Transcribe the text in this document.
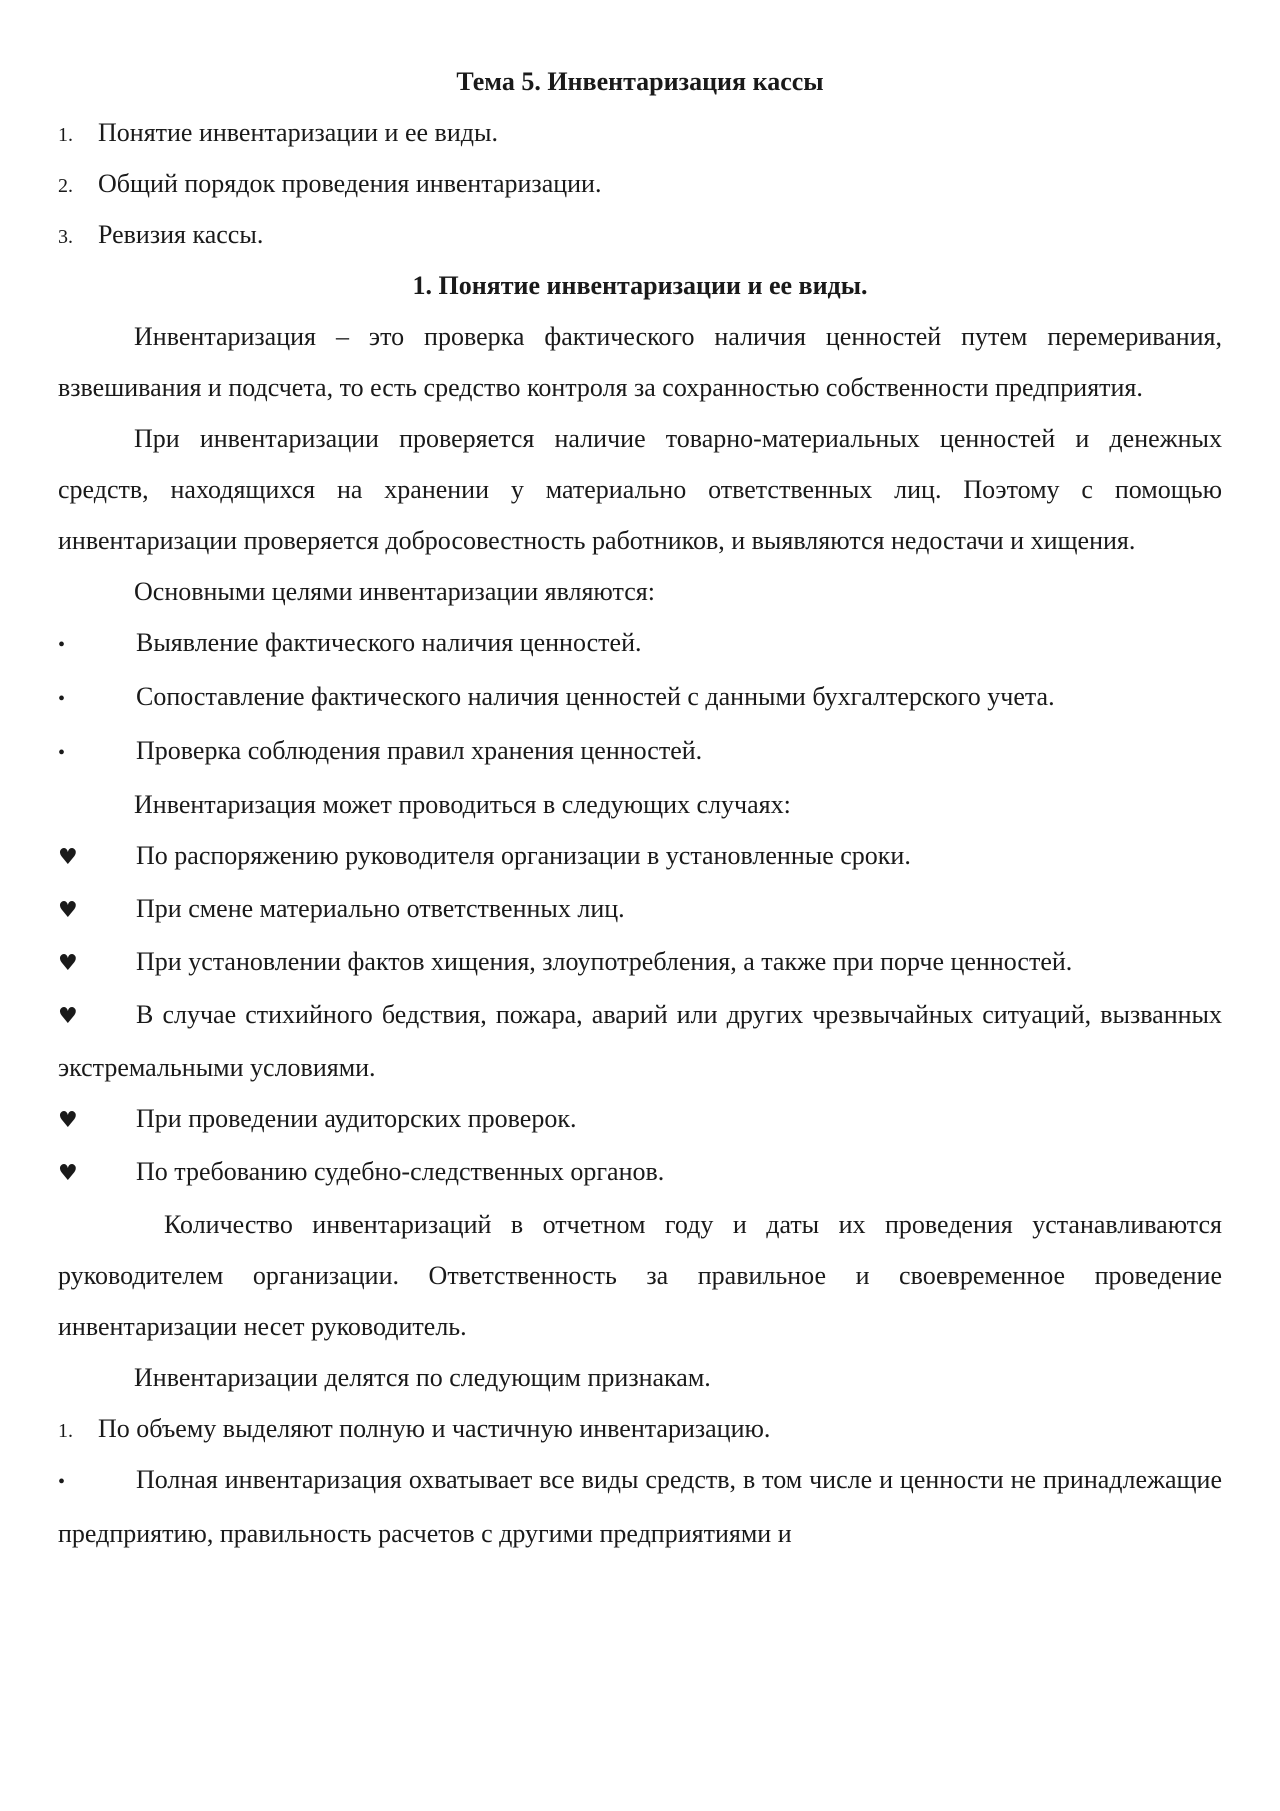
Тема 5. Инвентаризация кассы
1. Понятие инвентаризации и ее виды.
2. Общий порядок проведения инвентаризации.
3. Ревизия кассы.
1. Понятие инвентаризации и ее виды.

Инвентаризация – это проверка фактического наличия ценностей путем перемеривания, взвешивания и подсчета, то есть средство контроля за сохранностью собственности предприятия.

При инвентаризации проверяется наличие товарно-материальных ценностей и денежных средств, находящихся на хранении у материально ответственных лиц. Поэтому с помощью инвентаризации проверяется добросовестность работников, и выявляются недостачи и хищения.

Основными целями инвентаризации являются:

•	Выявление фактического наличия ценностей.
•	Сопоставление фактического наличия ценностей с данными бухгалтерского учета.
•	Проверка соблюдения правил хранения ценностей.

Инвентаризация может проводиться в следующих случаях:

♥	По распоряжению руководителя организации в установленные сроки.
♥	При смене материально ответственных лиц.
♥ При установлении фактов хищения, злоупотребления, а также при порче ценностей.
♥ В случае стихийного бедствия, пожара, аварий или других чрезвычайных ситуаций, вызванных экстремальными условиями.
♥	При проведении аудиторских проверок.
♥	По требованию судебно-следственных органов.

Количество инвентаризаций в отчетном году и даты их проведения устанавливаются руководителем организации. Ответственность за правильное и своевременное проведение инвентаризации несет руководитель.

Инвентаризации делятся по следующим признакам.

1. По объему выделяют полную и частичную инвентаризацию.
•	Полная инвентаризация охватывает все виды средств, в том числе и ценности не принадлежащие предприятию, правильность расчетов с другими предприятиями и
